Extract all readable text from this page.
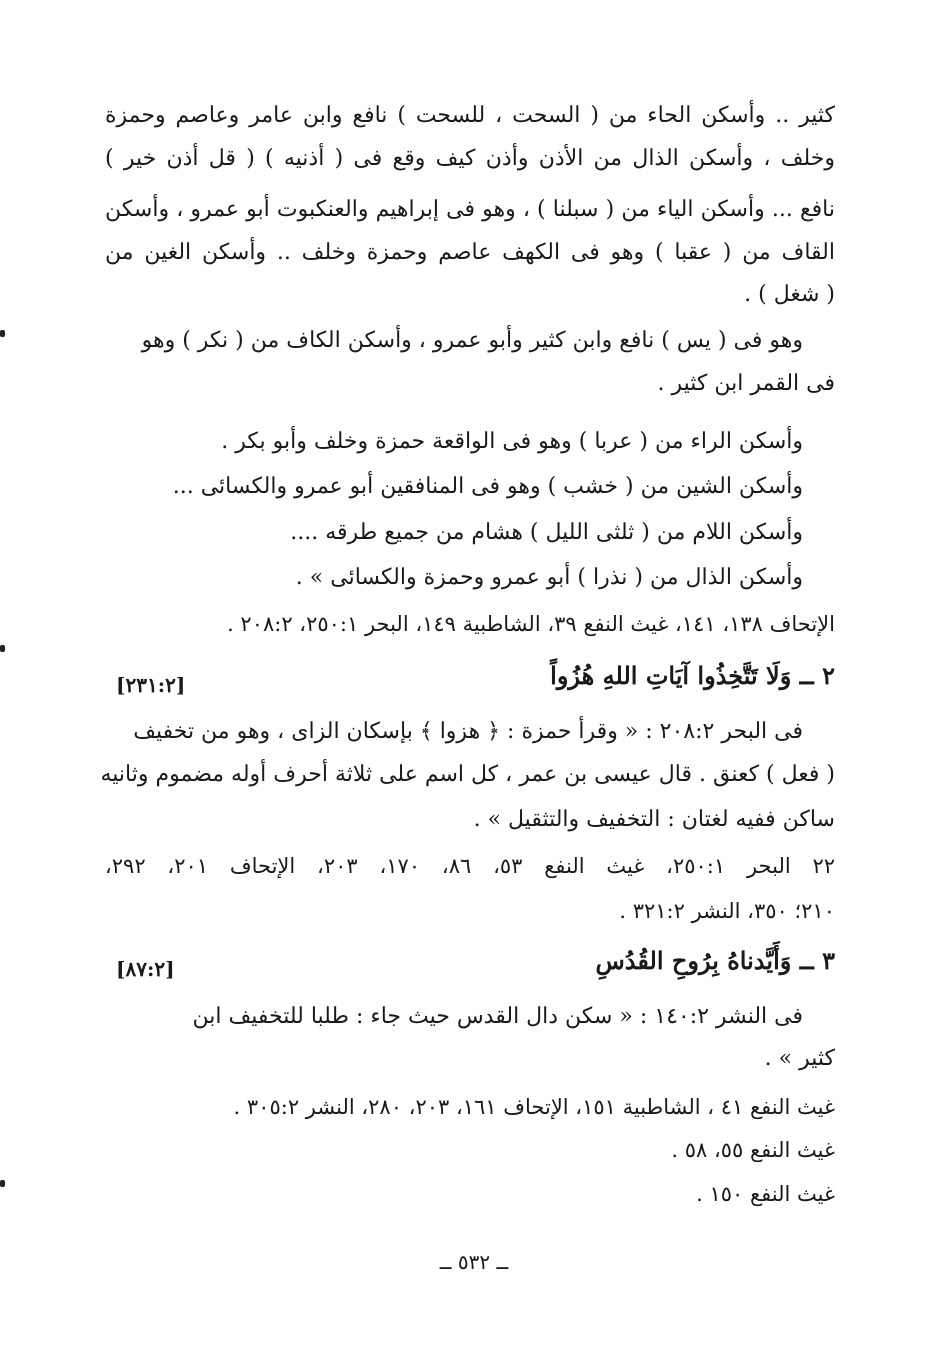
كثير .. وأسكن الحاء من ( السحت ، للسحت ) نافع وابن عامر وعاصم وحمزة
وخلف ، وأسكن الذال من الأذن وأذن كيف وقع فى ( أذنيه ) ( قل أذن خير )
نافع ... وأسكن الياء من ( سبلنا ) ، وهو فى إبراهيم والعنكبوت أبو عمرو ، وأسكن
القاف من ( عقبا ) وهو فى الكهف عاصم وحمزة وخلف .. وأسكن الغين من
( شغل ) .
وهو فى ( يس ) نافع وابن كثير وأبو عمرو ، وأسكن الكاف من ( نكر ) وهو
فى القمر ابن كثير .
وأسكن الراء من ( عربا ) وهو فى الواقعة حمزة وخلف وأبو بكر .
وأسكن الشين من ( خشب ) وهو فى المنافقين أبو عمرو والكسائى ...
وأسكن اللام من ( ثلثى الليل ) هشام من جميع طرقه ....
وأسكن الذال من ( نذرا ) أبو عمرو وحمزة والكسائى » .
الإتحاف ١٣٨، ١٤١، غيث النفع ٣٩، الشاطبية ١٤٩، البحر ٢٥٠:١، ٢٠٨:٢ .
٢ ــ وَلَا تَتَّخِذُوا آيَاتِ اللهِ هُزُواً
[٢٣١:٢]
فى البحر ٢٠٨:٢ : « وقرأ حمزة : ﴿ هزوا ﴾ بإسكان الزاى ، وهو من تخفيف
( فعل ) كعنق . قال عيسى بن عمر ، كل اسم على ثلاثة أحرف أوله مضموم وثانيه
ساكن ففيه لغتان : التخفيف والتثقيل » .
٢٢ البحر ٢٥٠:١، غيث النفع ٥٣، ٨٦، ١٧٠، ٢٠٣، الإتحاف ٢٠١، ٢٩٢،
٢١٠؛ ٣٥٠، النشر ٣٢١:٢ .
٣ ــ وَأَيَّدناهُ بِرُوحِ القُدُسِ
[٨٧:٢]
فى النشر ١٤٠:٢ : « سكن دال القدس حيث جاء : طلبا للتخفيف ابن
كثير » .
غيث النفع ٤١ ، الشاطبية ١٥١، الإتحاف ١٦١، ٢٠٣، ٢٨٠، النشر ٣٠٥:٢ .
غيث النفع ٥٥، ٥٨ .
غيث النفع ١٥٠ .
ــ ٥٣٢ ــ
